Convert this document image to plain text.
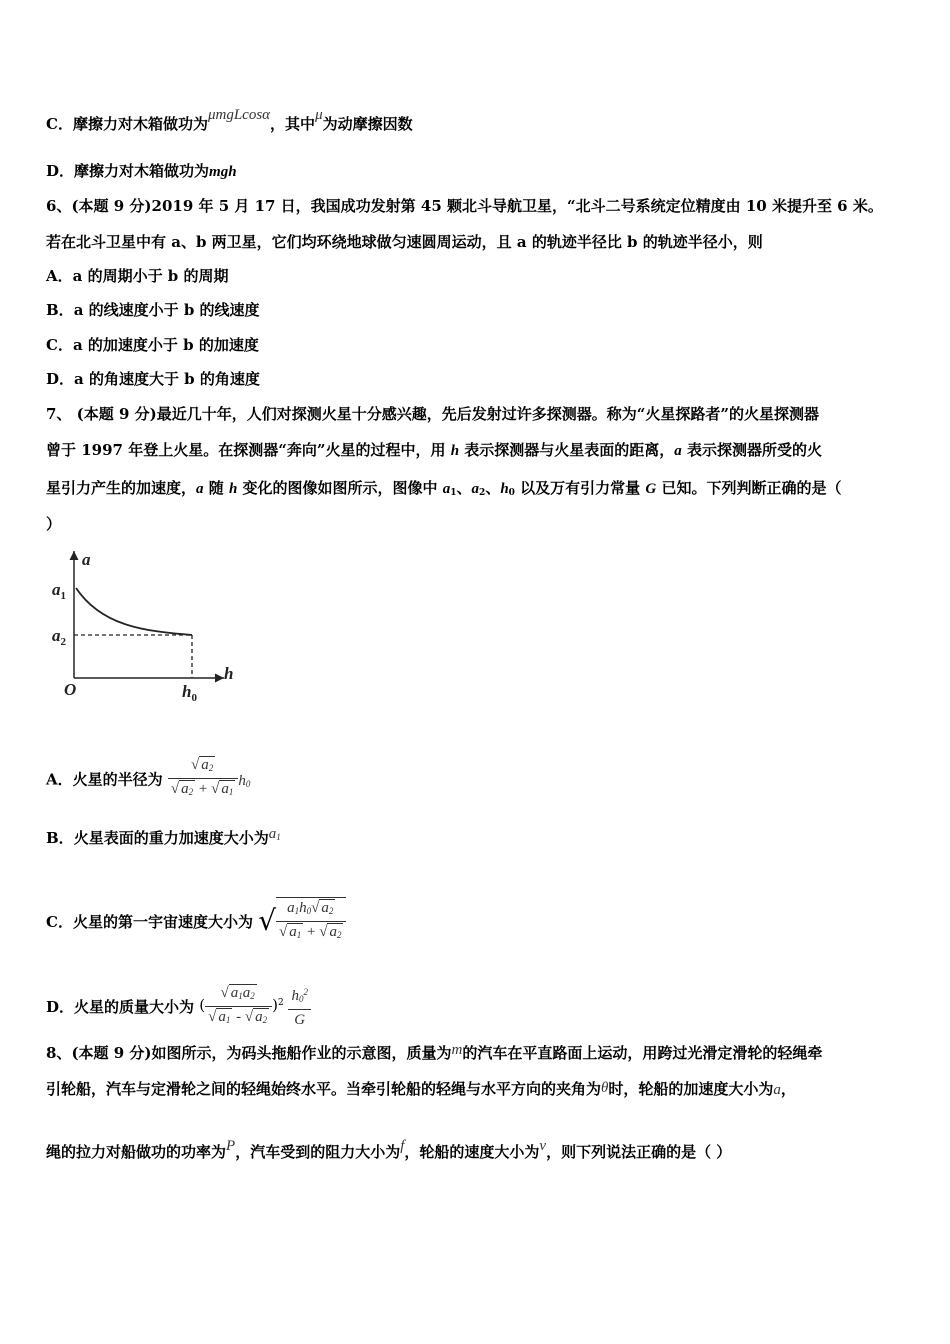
C．摩擦力对木箱做功为μmgLcosα，其中μ为动摩擦因数
D．摩擦力对木箱做功为mgh
6、(本题 9 分)2019 年 5 月 17 日，我国成功发射第 45 颗北斗导航卫星，“北斗二号系统定位精度由 10 米提升至 6 米。
若在北斗卫星中有 a、b 两卫星，它们均环绕地球做匀速圆周运动，且 a 的轨迹半径比 b 的轨迹半径小，则
A．a 的周期小于 b 的周期
B．a 的线速度小于 b 的线速度
C．a 的加速度小于 b 的加速度
D．a 的角速度大于 b 的角速度
7、 (本题 9 分)最近几十年，人们对探测火星十分感兴趣，先后发射过许多探测器。称为“火星探路者”的火星探测器
曾于 1997 年登上火星。在探测器“奔向”火星的过程中，用 h 表示探测器与火星表面的距离，a 表示探测器所受的火
星引力产生的加速度，a 随 h 变化的图像如图所示，图像中 $a_1$、$a_2$、$h_0$ 以及万有引力常量 G 已知。下列判断正确的是（
）
a
h
O
$a_1$
$a_2$
$h_0$
A．火星的半径为 $\frac{√ a_2}{√ a_2 + √ a_1} h_0$
B．火星表面的重力加速度大小为$a_1$
C．火星的第一宇宙速度大小为 √ $\frac{a_1h_0√ a_2}{√ a_1 + √ a_2}$
D．火星的质量大小为 ( $\frac{√ a_1a_2}{√ a_1 - √ a_2} )^2 \frac{h_0^2}{G}$
8、(本题 9 分)如图所示，为码头拖船作业的示意图，质量为m的汽车在平直路面上运动，用跨过光滑定滑轮的轻绳牵
引轮船，汽车与定滑轮之间的轻绳始终水平。当牵引轮船的轻绳与水平方向的夹角为θ时，轮船的加速度大小为a，
绳的拉力对船做功的功率为P，汽车受到的阻力大小为f，轮船的速度大小为v，则下列说法正确的是（ ）
